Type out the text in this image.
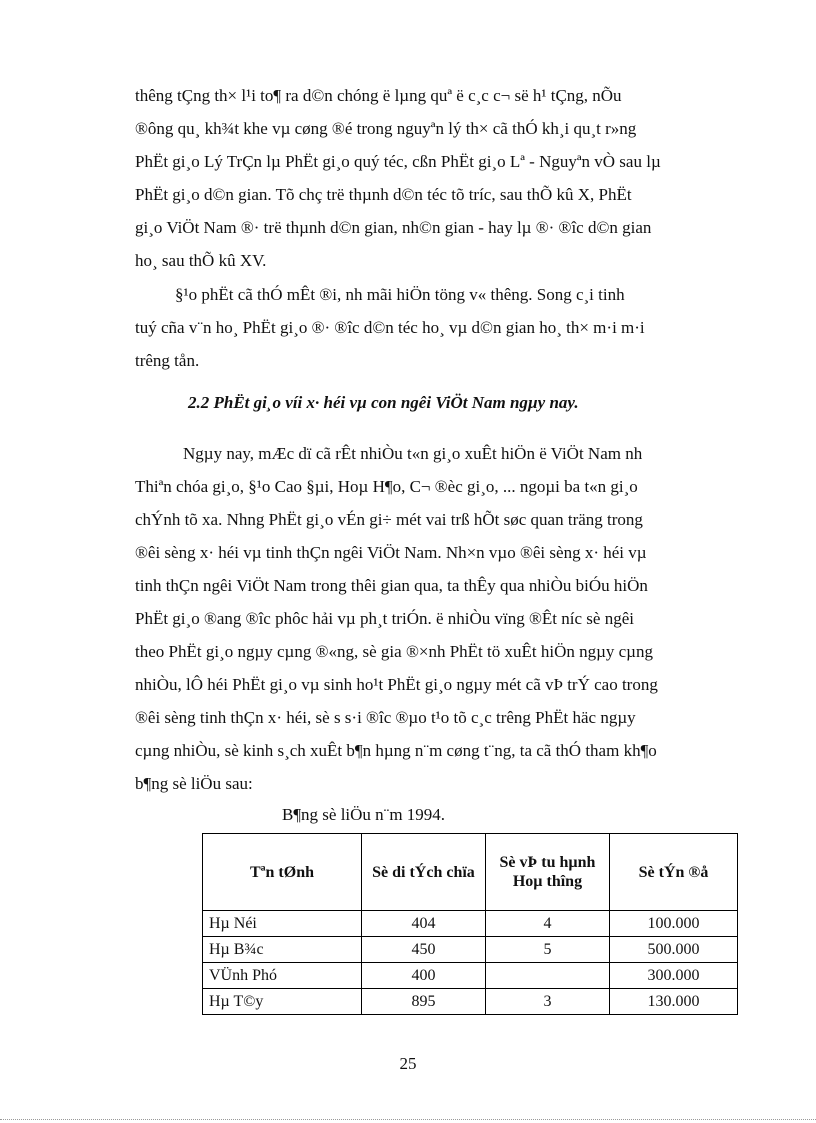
thêng tÇng th× l¹i to¶ ra d©n chóng ë lµng quª ë c¸c c¬ së h¹ tÇng, nÕu
®ông qu¸ kh¾t khe vµ cøng ®é trong nguyªn lý th× cã thÓ kh¸i qu¸t r»ng
PhËt gi¸o Lý TrÇn lµ PhËt gi¸o quý téc, cßn PhËt gi¸o Lª - Nguyªn vÒ sau lµ
PhËt gi¸o d©n gian. Tõ chç trë thµnh d©n téc tõ tríc, sau thÕ kû X, PhËt
gi¸o ViÖt Nam ®· trë thµnh d©n gian, nh©n gian - hay lµ ®· ®îc d©n gian
ho¸ sau thÕ kû XV.

§¹o phËt cã thÓ mÊt ®i, nh mãi hiÖn töng v« thêng. Song c¸i tinh
tuý cña v¨n ho¸ PhËt gi¸o ®· ®îc d©n téc ho¸ vµ d©n gian ho¸ th× m·i m·i
trêng tån.

2.2 PhËt gi¸o víi x· héi vµ con ngêi ViÖt Nam ngµy nay.

Ngµy nay, mÆc dï cã rÊt nhiÒu t«n gi¸o xuÊt hiÖn ë ViÖt Nam nh
Thiªn chóa gi¸o, §¹o Cao §µi, Hoµ H¶o, C¬ ®èc gi¸o, ... ngoµi ba t«n gi¸o
chÝnh tõ xa. Nhng PhËt gi¸o vÉn gi÷ mét vai trß hÕt søc quan träng trong
®êi sèng x· héi vµ tinh thÇn ngêi ViÖt Nam. Nh×n vµo ®êi sèng x· héi vµ
tinh thÇn ngêi ViÖt Nam trong thêi gian qua, ta thÊy qua nhiÒu biÓu hiÖn
PhËt gi¸o ®ang ®îc phôc hải vµ ph¸t triÓn. ë nhiÒu vïng ®Êt níc sè ngêi
theo PhËt gi¸o ngµy cµng ®«ng, sè gia ®×nh PhËt tö xuÊt hiÖn ngµy cµng
nhiÒu, lÔ héi PhËt gi¸o vµ sinh ho¹t PhËt gi¸o ngµy mét cã vÞ trÝ cao trong
®êi sèng tinh thÇn x· héi, sè s s·i ®îc ®µo t¹o tõ c¸c trêng PhËt häc ngµy
cµng nhiÒu, sè kinh s¸ch xuÊt b¶n hµng n¨m cøng t¨ng, ta cã thÓ tham kh¶o
b¶ng sè liÖu sau:

B¶ng sè liÖu n¨m 1994.

Tªn tØnh	Sè di tÝch chïa	Sè vÞ tu hµnh Hoµ thîng	Sè tÝn ®å
Hµ Néi	404	4	100.000
Hµ B¾c	450	5	500.000
VÜnh Phó	400		300.000
Hµ T©y	895	3	130.000

25
